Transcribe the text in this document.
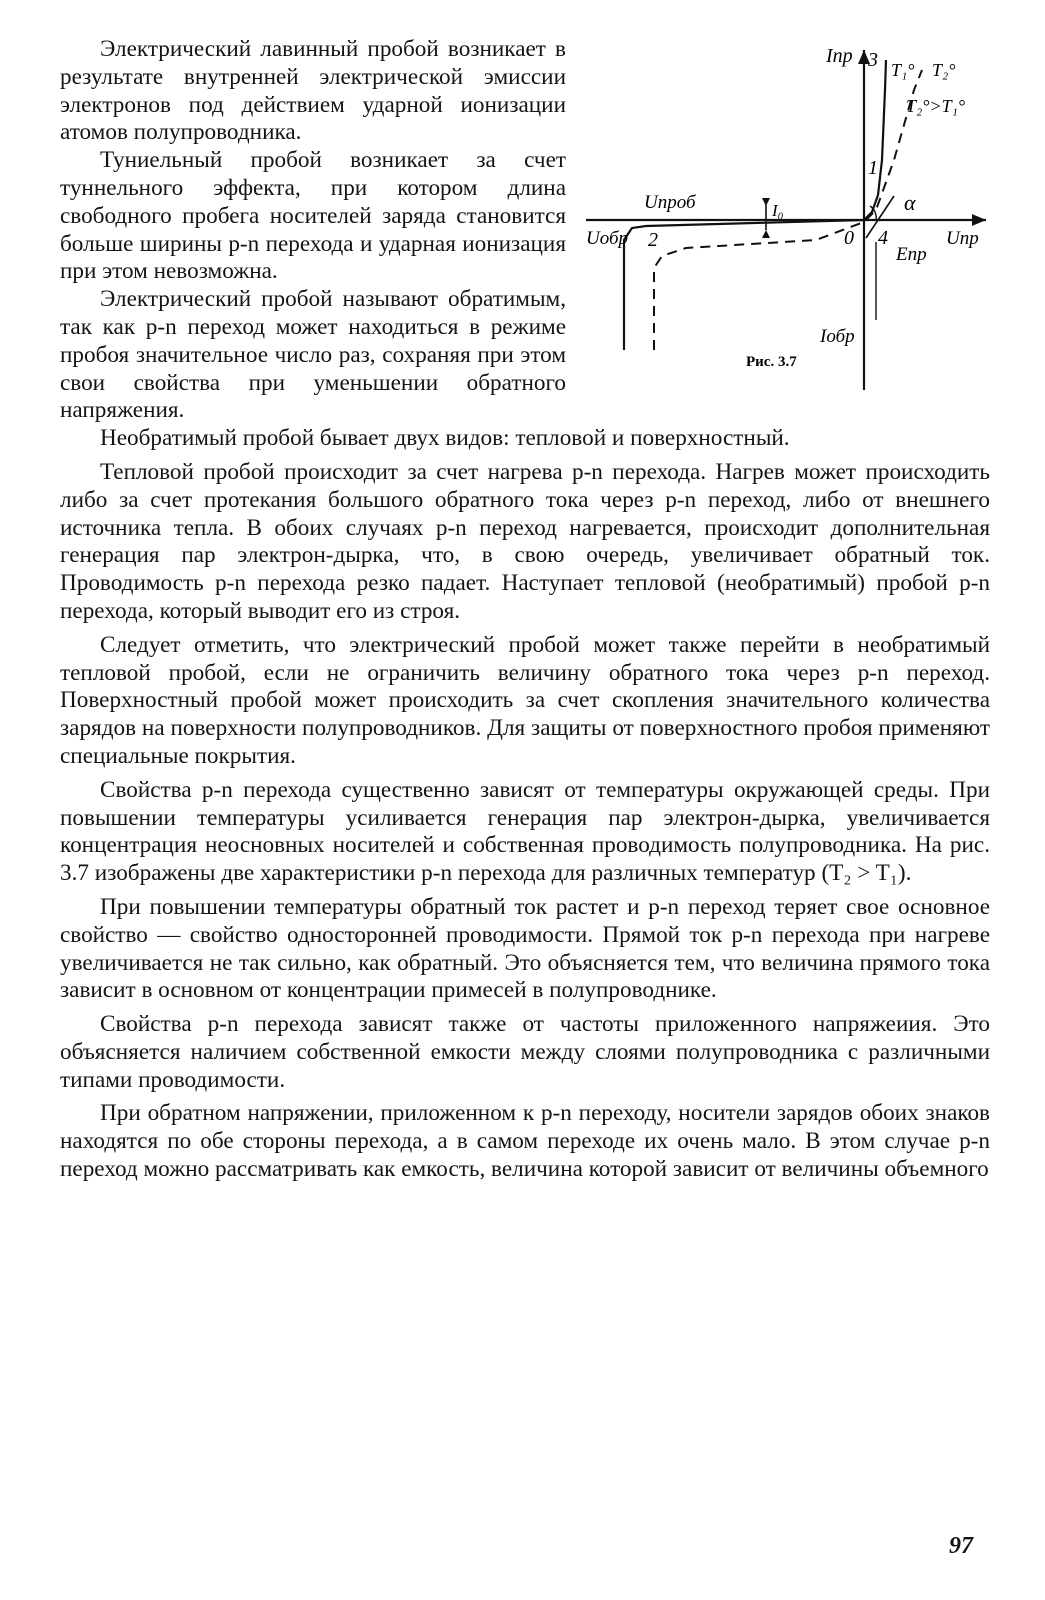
Iпр 3 T₁° T₂°
T₂°>T₁°
1
α
Uпроб
Uобр 2
I₀
0 4	Uпр
Eпр
Iобр
Рис. 3.7

Электрический лавинный пробой возникает в результате внутренней электрической эмиссии электронов под действием ударной ионизации атомов полупроводника.

Туниельный пробой возникает за счет туннельного эффекта, при котором длина свободного пробега носителей заряда становится больше ширины p-n перехода и ударная ионизация при этом невозможна.

Электрический пробой называют обратимым, так как p-n переход может находиться в режиме пробоя значительное число раз, сохраняя при этом свои свойства при уменьшении обратного напряжения.

Необратимый пробой бывает двух видов: тепловой и поверхностный.

Тепловой пробой происходит за счет нагрева p-n перехода. Нагрев может происходить либо за счет протекания большого обратного тока через p-n переход, либо от внешнего источника тепла. В обоих случаях p-n переход нагревается, происходит дополнительная генерация пар электрон-дырка, что, в свою очередь, увеличивает обратный ток. Проводимость p-n перехода резко падает. Наступает тепловой (необратимый) пробой p-n перехода, который выводит его из строя.

Следует отметить, что электрический пробой может также перейти в необратимый тепловой пробой, если не ограничить величину обратного тока через p-n переход. Поверхностный пробой может происходить за счет скопления значительного количества зарядов на поверхности полупроводников. Для защиты от поверхностного пробоя применяют специальные покрытия.

Свойства p-n перехода существенно зависят от температуры окружающей среды. При повышении температуры усиливается генерация пар электрон-дырка, увеличивается концентрация неосновных носителей и собственная проводимость полупроводника. На рис. 3.7 изображены две характеристики p-n перехода для различных температур (T₂ > T₁).

При повышении температуры обратный ток растет и p-n переход теряет свое основное свойство — свойство односторонней проводимости. Прямой ток p-n перехода при нагреве увеличивается не так сильно, как обратный. Это объясняется тем, что величина прямого тока зависит в основном от концентрации примесей в полупроводнике.

Свойства p-n перехода зависят также от частоты приложенного напряжеиия. Это объясняется наличием собственной емкости между слоями полупроводника с различными типами проводимости.

При обратном напряжении, приложенном к p-n переходу, носители зарядов обоих знаков находятся по обе стороны перехода, а в самом переходе их очень мало. В этом случае p-n переход можно рассматривать как емкость, величина которой зависит от величины объемного

97
